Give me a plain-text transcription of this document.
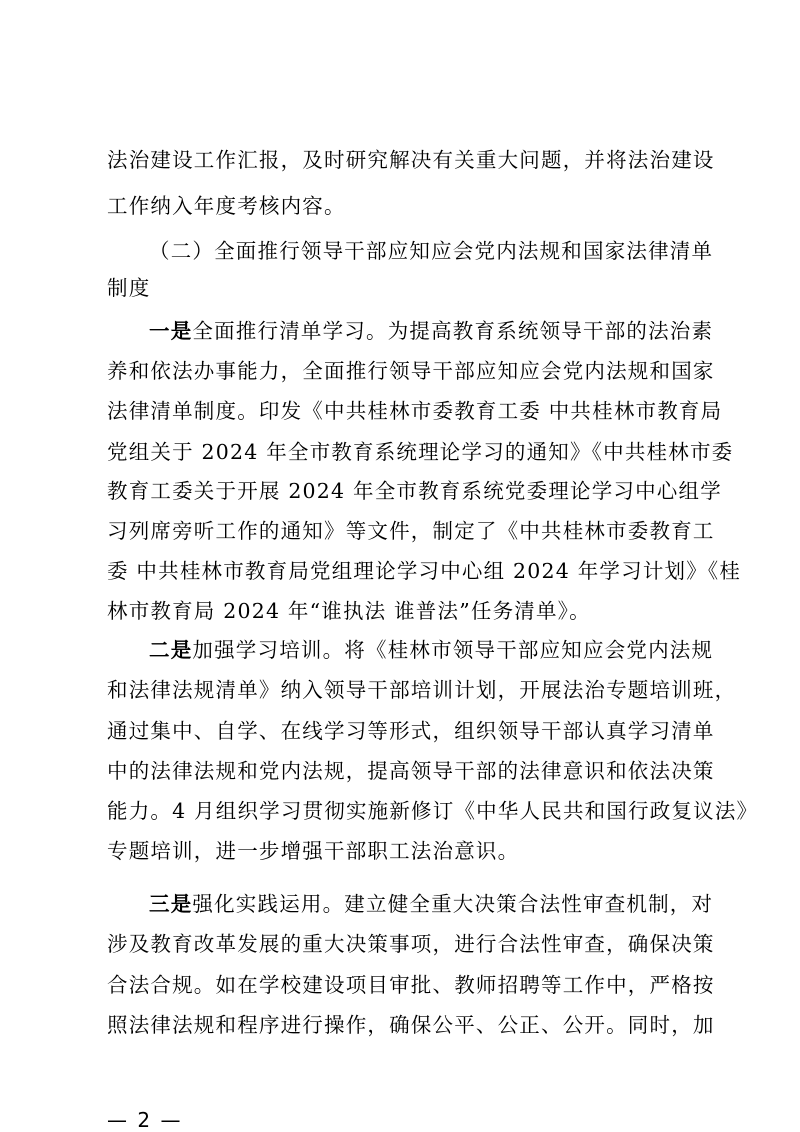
法治建设工作汇报，及时研究解决有关重大问题，并将法治建设
工作纳入年度考核内容。
（二）全面推行领导干部应知应会党内法规和国家法律清单
制度
一是全面推行清单学习。为提高教育系统领导干部的法治素
养和依法办事能力，全面推行领导干部应知应会党内法规和国家
法律清单制度。印发《中共桂林市委教育工委 中共桂林市教育局
党组关于 2024 年全市教育系统理论学习的通知》《中共桂林市委
教育工委关于开展 2024 年全市教育系统党委理论学习中心组学
习列席旁听工作的通知》等文件，制定了《中共桂林市委教育工
委 中共桂林市教育局党组理论学习中心组 2024 年学习计划》《桂
林市教育局 2024 年“谁执法 谁普法”任务清单》。
二是加强学习培训。将《桂林市领导干部应知应会党内法规
和法律法规清单》纳入领导干部培训计划，开展法治专题培训班，
通过集中、自学、在线学习等形式，组织领导干部认真学习清单
中的法律法规和党内法规，提高领导干部的法律意识和依法决策
能力。4 月组织学习贯彻实施新修订《中华人民共和国行政复议法》
专题培训，进一步增强干部职工法治意识。
三是强化实践运用。建立健全重大决策合法性审查机制，对
涉及教育改革发展的重大决策事项，进行合法性审查，确保决策
合法合规。如在学校建设项目审批、教师招聘等工作中，严格按
照法律法规和程序进行操作，确保公平、公正、公开。同时，加
— 2 —
